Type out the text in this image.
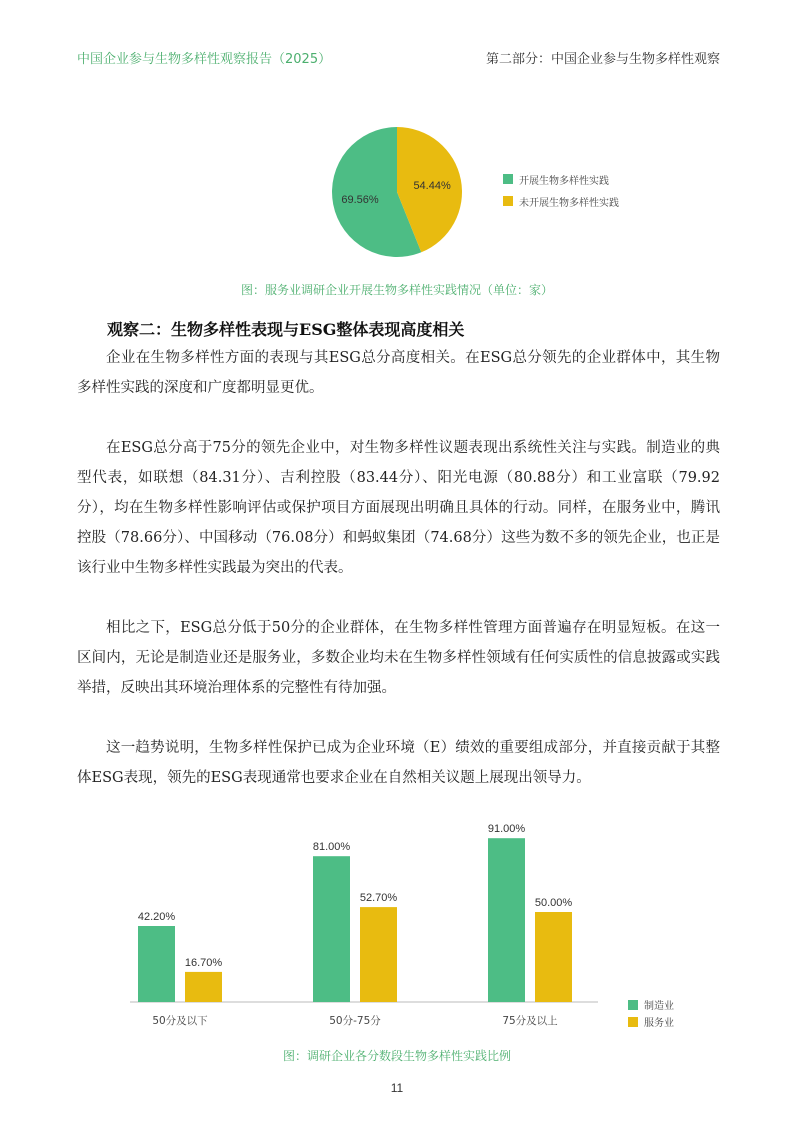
中国企业参与生物多样性观察报告（2025）	第二部分：中国企业参与生物多样性观察
69.56%
54.44%	开展生物多样性实践
未开展生物多样性实践
图：服务业调研企业开展生物多样性实践情况（单位：家）
观察二：生物多样性表现与ESG整体表现高度相关

企业在生物多样性方面的表现与其ESG总分高度相关。在ESG总分领先的企业群体中，其生物多样性实践的深度和广度都明显更优。

在ESG总分高于75分的领先企业中，对生物多样性议题表现出系统性关注与实践。制造业的典型代表，如联想（84.31分）、吉利控股（83.44分）、阳光电源（80.88分）和工业富联（79.92分），均在生物多样性影响评估或保护项目方面展现出明确且具体的行动。同样，在服务业中，腾讯控股（78.66分）、中国移动（76.08分）和蚂蚁集团（74.68分）这些为数不多的领先企业，也正是该行业中生物多样性实践最为突出的代表。

相比之下，ESG总分低于50分的企业群体，在生物多样性管理方面普遍存在明显短板。在这一区间内，无论是制造业还是服务业，多数企业均未在生物多样性领域有任何实质性的信息披露或实践举措，反映出其环境治理体系的完整性有待加强。

这一趋势说明，生物多样性保护已成为企业环境（E）绩效的重要组成部分，并直接贡献于其整体ESG表现，领先的ESG表现通常也要求企业在自然相关议题上展现出领导力。

42.20%
16.70%
81.00%
52.70%
91.00%
50.00%
50分及以下	50分-75分	75分及以上
制造业
服务业
图：调研企业各分数段生物多样性实践比例
11
